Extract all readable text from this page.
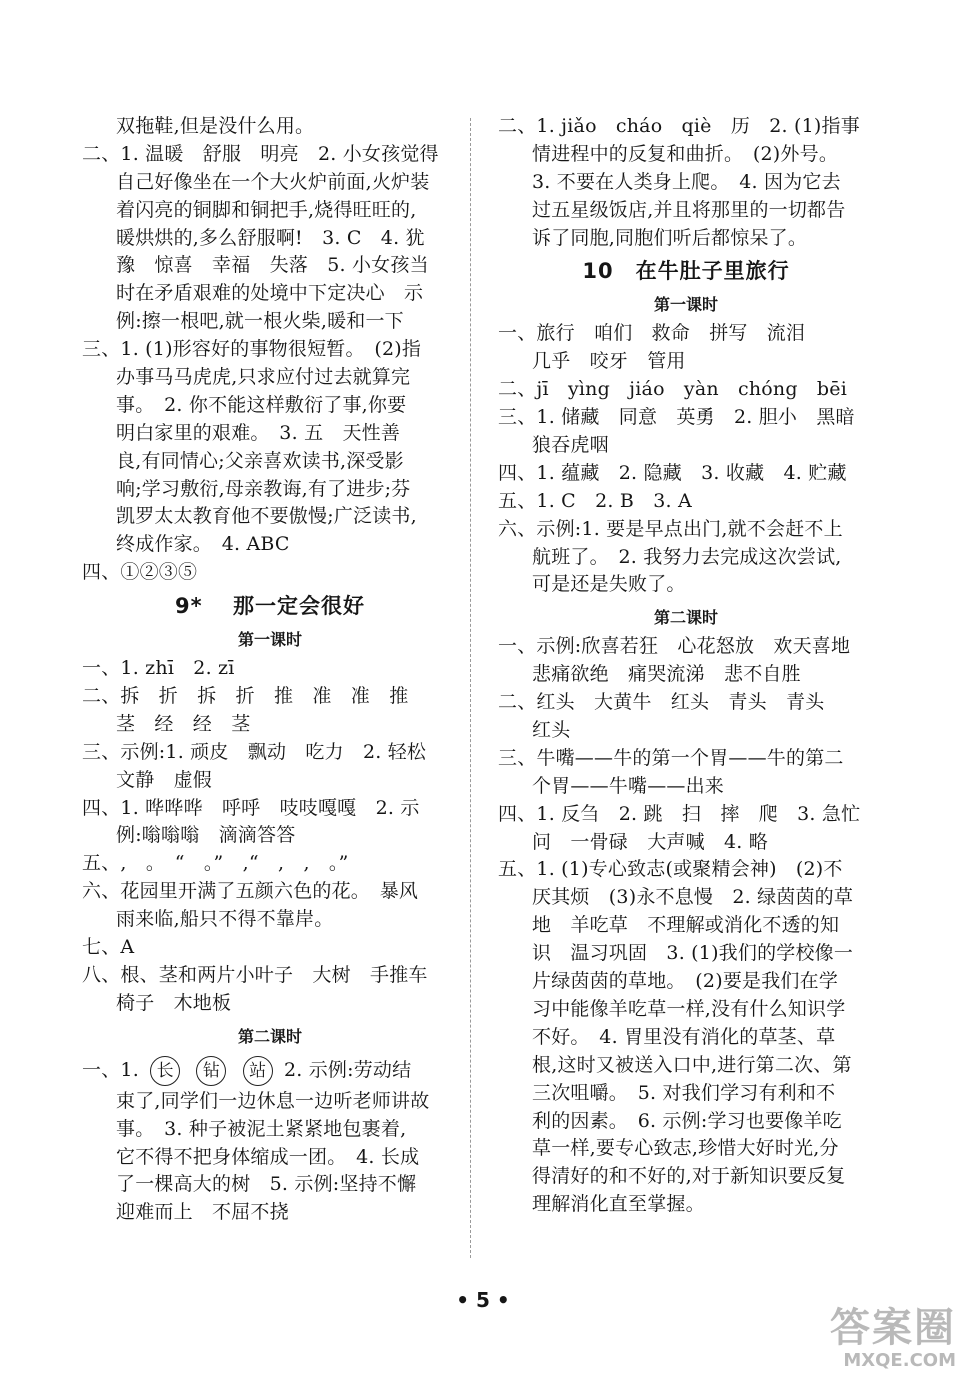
双拖鞋,但是没什么用。
二、1. 温暖　舒服　明亮　2. 小女孩觉得
自己好像坐在一个大火炉前面,火炉装
着闪亮的铜脚和铜把手,烧得旺旺的,
暖烘烘的,多么舒服啊!　3. C　4. 犹
豫　惊喜　幸福　失落　5. 小女孩当
时在矛盾艰难的处境中下定决心　示
例:擦一根吧,就一根火柴,暖和一下
三、1. (1)形容好的事物很短暂。　(2)指
办事马马虎虎,只求应付过去就算完
事。　2. 你不能这样敷衍了事,你要
明白家里的艰难。　3. 五　天性善
良,有同情心;父亲喜欢读书,深受影
响;学习敷衍,母亲教诲,有了进步;芬
凯罗太太教育他不要傲慢;广泛读书,
终成作家。　4. ABC
四、①②③⑤
9* 　那一定会很好
第一课时
一、1. zhī　2. zī
二、拆　折　拆　折　推　准　准　推
茎　经　经　茎
三、示例:1. 顽皮　飘动　吃力　2. 轻松
文静　虚假
四、1. 哗哗哗　呼呼　吱吱嘎嘎　2. 示
例:嗡嗡嗡　滴滴答答
五、,　。　“　。”　,“　,　,　。”
六、花园里开满了五颜六色的花。　暴风
雨来临,船只不得不靠岸。
七、A
八、根、茎和两片小叶子　大树　手推车
椅子　木地板
第二课时
一、1. 长 钻 站 2. 示例:劳动结
束了,同学们一边休息一边听老师讲故
事。　3. 种子被泥土紧紧地包裹着,
它不得不把身体缩成一团。　4. 长成
了一棵高大的树　5. 示例:坚持不懈
迎难而上　不屈不挠
二、1. jiǎo　cháo　qiè　历　2. (1)指事
情进程中的反复和曲折。　(2)外号。
3. 不要在人类身上爬。　4. 因为它去
过五星级饭店,并且将那里的一切都告
诉了同胞,同胞们听后都惊呆了。
10　在牛肚子里旅行
第一课时
一、旅行　咱们　救命　拼写　流泪
几乎　咬牙　管用
二、jī　yìng　jiáo　yàn　chóng　bēi
三、1. 储藏　同意　英勇　2. 胆小　黑暗
狼吞虎咽
四、1. 蕴藏　2. 隐藏　3. 收藏　4. 贮藏
五、1. C　2. B　3. A
六、示例:1. 要是早点出门,就不会赶不上
航班了。　2. 我努力去完成这次尝试,
可是还是失败了。
第二课时
一、示例:欣喜若狂　心花怒放　欢天喜地
悲痛欲绝　痛哭流涕　悲不自胜
二、红头　大黄牛　红头　青头　青头
红头
三、牛嘴——牛的第一个胃——牛的第二
个胃——牛嘴——出来
四、1. 反刍　2. 跳　扫　摔　爬　3. 急忙
问　一骨碌　大声喊　4. 略
五、1. (1)专心致志(或聚精会神)　(2)不
厌其烦　(3)永不息慢　2. 绿茵茵的草
地　羊吃草　不理解或消化不透的知
识　温习巩固　3. (1)我们的学校像一
片绿茵茵的草地。　(2)要是我们在学
习中能像羊吃草一样,没有什么知识学
不好。　4. 胃里没有消化的草茎、草
根,这时又被送入口中,进行第二次、第
三次咀嚼。　5. 对我们学习有利和不
利的因素。　6. 示例:学习也要像羊吃
草一样,要专心致志,珍惜大好时光,分
得清好的和不好的,对于新知识要反复
理解消化直至掌握。
• 5 •
答案圈
MXQE.COM
